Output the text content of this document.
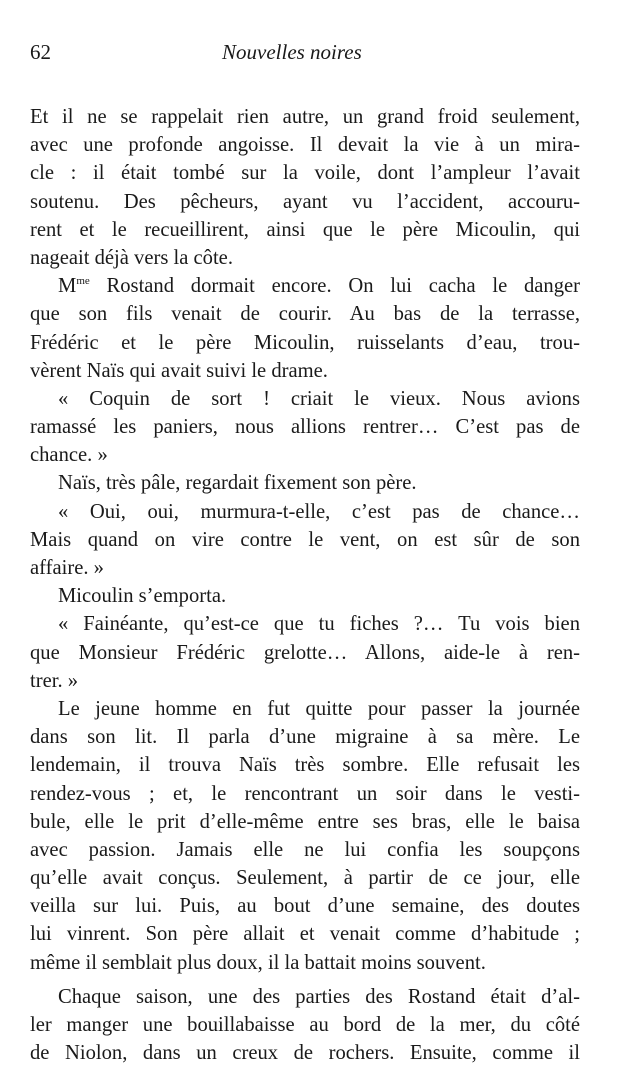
62	Nouvelles noires
Et il ne se rappelait rien autre, un grand froid seulement,
avec une profonde angoisse. Il devait la vie à un mira-
cle : il était tombé sur la voile, dont l’ampleur l’avait
soutenu. Des pêcheurs, ayant vu l’accident, accouru-
rent et le recueillirent, ainsi que le père Micoulin, qui
nageait déjà vers la côte.
$M^{me}$ Rostand dormait encore. On lui cacha le danger
que son fils venait de courir. Au bas de la terrasse,
Frédéric et le père Micoulin, ruisselants d’eau, trou-
vèrent Naïs qui avait suivi le drame.
« Coquin de sort ! criait le vieux. Nous avions
ramassé les paniers, nous allions rentrer… C’est pas de
chance. »
Naïs, très pâle, regardait fixement son père.
« Oui, oui, murmura-t-elle, c’est pas de chance…
Mais quand on vire contre le vent, on est sûr de son
affaire. »
Micoulin s’emporta.
« Fainéante, qu’est-ce que tu fiches ?… Tu vois bien
que Monsieur Frédéric grelotte… Allons, aide-le à ren-
trer. »
Le jeune homme en fut quitte pour passer la journée
dans son lit. Il parla d’une migraine à sa mère. Le
lendemain, il trouva Naïs très sombre. Elle refusait les
rendez-vous ; et, le rencontrant un soir dans le vesti-
bule, elle le prit d’elle-même entre ses bras, elle le baisa
avec passion. Jamais elle ne lui confia les soupçons
qu’elle avait conçus. Seulement, à partir de ce jour, elle
veilla sur lui. Puis, au bout d’une semaine, des doutes
lui vinrent. Son père allait et venait comme d’habitude ;
même il semblait plus doux, il la battait moins souvent.
Chaque saison, une des parties des Rostand était d’al-
ler manger une bouillabaisse au bord de la mer, du côté
de Niolon, dans un creux de rochers. Ensuite, comme il
